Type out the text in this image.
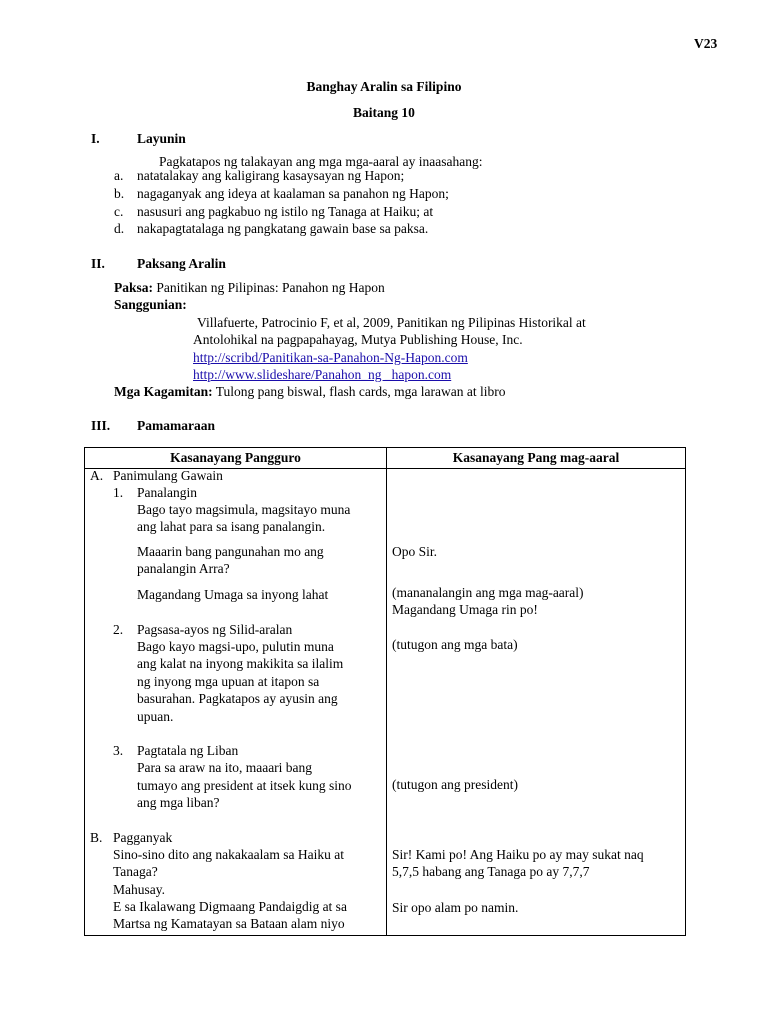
V23
Banghay Aralin sa Filipino
Baitang 10
I.	Layunin
Pagkatapos ng talakayan ang mga mga-aaral ay inaasahang:
a. natatalakay ang kaligirang kasaysayan ng Hapon;
b. nagaganyak ang ideya at kaalaman sa panahon ng Hapon;
c. nasusuri ang pagkabuo ng istilo ng Tanaga at Haiku; at
d. nakapagtatalaga ng pangkatang gawain base sa paksa.
II. Paksang Aralin
Paksa: Panitikan ng Pilipinas: Panahon ng Hapon
Sanggunian:
Villafuerte, Patrocinio F, et al, 2009, Panitikan ng Pilipinas Historikal at
Antolohikal na pagpapahayag, Mutya Publishing House, Inc.
http://scribd/Panitikan-sa-Panahon-Ng-Hapon.com
http://www.slideshare/Panahon_ng _hapon.com
Mga Kagamitan: Tulong pang biswal, flash cards, mga larawan at libro
III. Pamamaraan
Kasanayang Pangguro	Kasanayang Pang mag-aaral
A. Panimulang Gawain
1. Panalangin
Bago tayo magsimula, magsitayo muna
ang lahat para sa isang panalangin.
Maaarin bang pangunahan mo ang
panalangin Arra?
Magandang Umaga sa inyong lahat
2. Pagsasa-ayos ng Silid-aralan
Bago kayo magsi-upo, pulutin muna
ang kalat na inyong makikita sa ilalim
ng inyong mga upuan at itapon sa
basurahan. Pagkatapos ay ayusin ang
upuan.
3. Pagtatala ng Liban
Para sa araw na ito, maaari bang
tumayo ang president at itsek kung sino
ang mga liban?
B. Pagganyak
Sino-sino dito ang nakakaalam sa Haiku at
Tanaga?
Mahusay.
E sa Ikalawang Digmaang Pandaigdig at sa
Martsa ng Kamatayan sa Bataan alam niyo
Opo Sir.
(mananalangin ang mga mag-aaral)
Magandang Umaga rin po!
(tutugon ang mga bata)
(tutugon ang president)
Sir! Kami po! Ang Haiku po ay may sukat naq
5,7,5 habang ang Tanaga po ay 7,7,7
Sir opo alam po namin.
